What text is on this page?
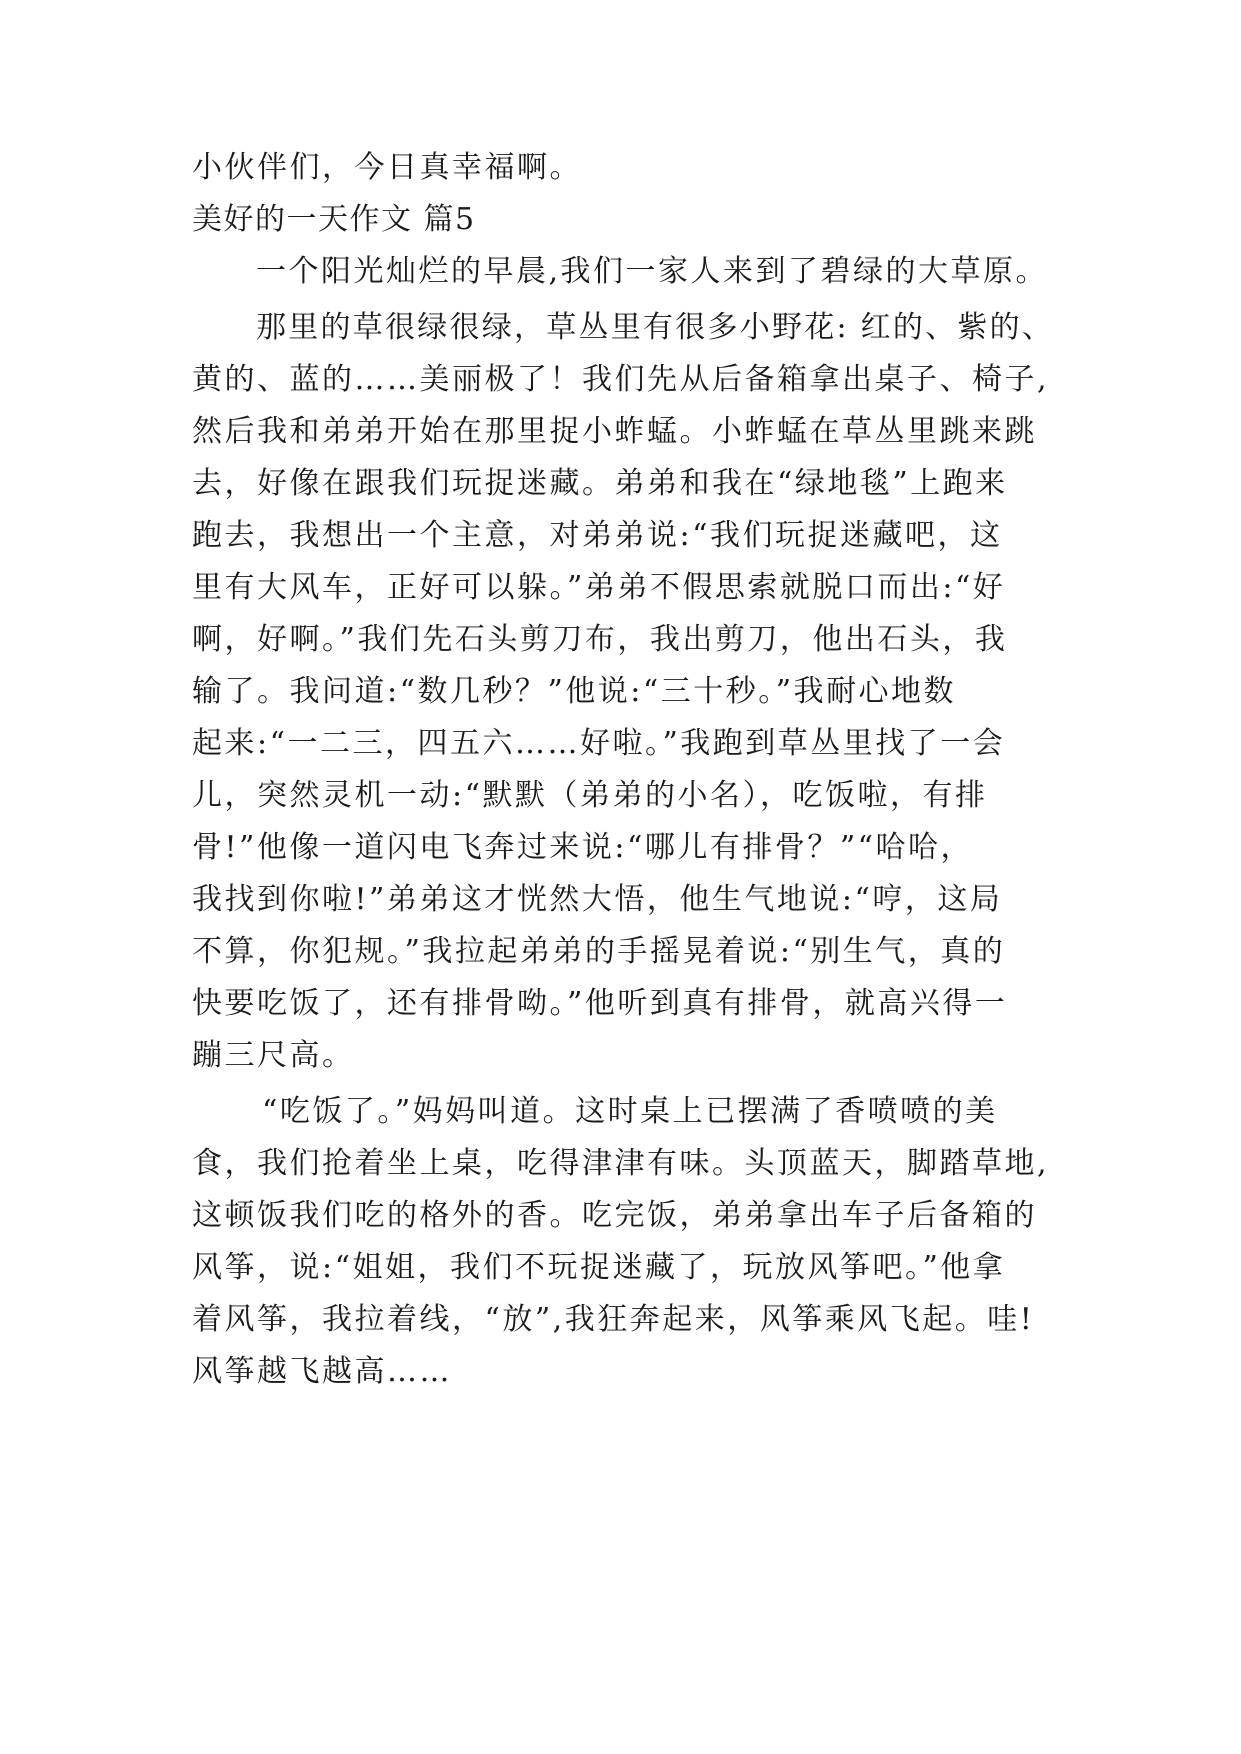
小伙伴们，今日真幸福啊。
美好的一天作文 篇5
一个阳光灿烂的早晨,我们一家人来到了碧绿的大草原。
那里的草很绿很绿，草丛里有很多小野花: 红的、紫的、
黄的、蓝的……美丽极了！我们先从后备箱拿出桌子、椅子,
然后我和弟弟开始在那里捉小蚱蜢。小蚱蜢在草丛里跳来跳
去，好像在跟我们玩捉迷藏。弟弟和我在“绿地毯”上跑来
跑去，我想出一个主意，对弟弟说:“我们玩捉迷藏吧，这
里有大风车，正好可以躲。”弟弟不假思索就脱口而出:“好
啊，好啊。”我们先石头剪刀布，我出剪刀，他出石头，我
输了。我问道:“数几秒？”他说:“三十秒。”我耐心地数
起来:“一二三，四五六……好啦。”我跑到草丛里找了一会
儿，突然灵机一动:“默默（弟弟的小名），吃饭啦，有排
骨!”他像一道闪电飞奔过来说:“哪儿有排骨？”“哈哈，
我找到你啦!”弟弟这才恍然大悟，他生气地说:“哼，这局
不算，你犯规。”我拉起弟弟的手摇晃着说:“别生气，真的
快要吃饭了，还有排骨呦。”他听到真有排骨，就高兴得一
蹦三尺高。
“吃饭了。”妈妈叫道。这时桌上已摆满了香喷喷的美
食，我们抢着坐上桌，吃得津津有味。头顶蓝天，脚踏草地,
这顿饭我们吃的格外的香。吃完饭，弟弟拿出车子后备箱的
风筝，说:“姐姐，我们不玩捉迷藏了，玩放风筝吧。”他拿
着风筝，我拉着线，“放”,我狂奔起来，风筝乘风飞起。哇!
风筝越飞越高……
